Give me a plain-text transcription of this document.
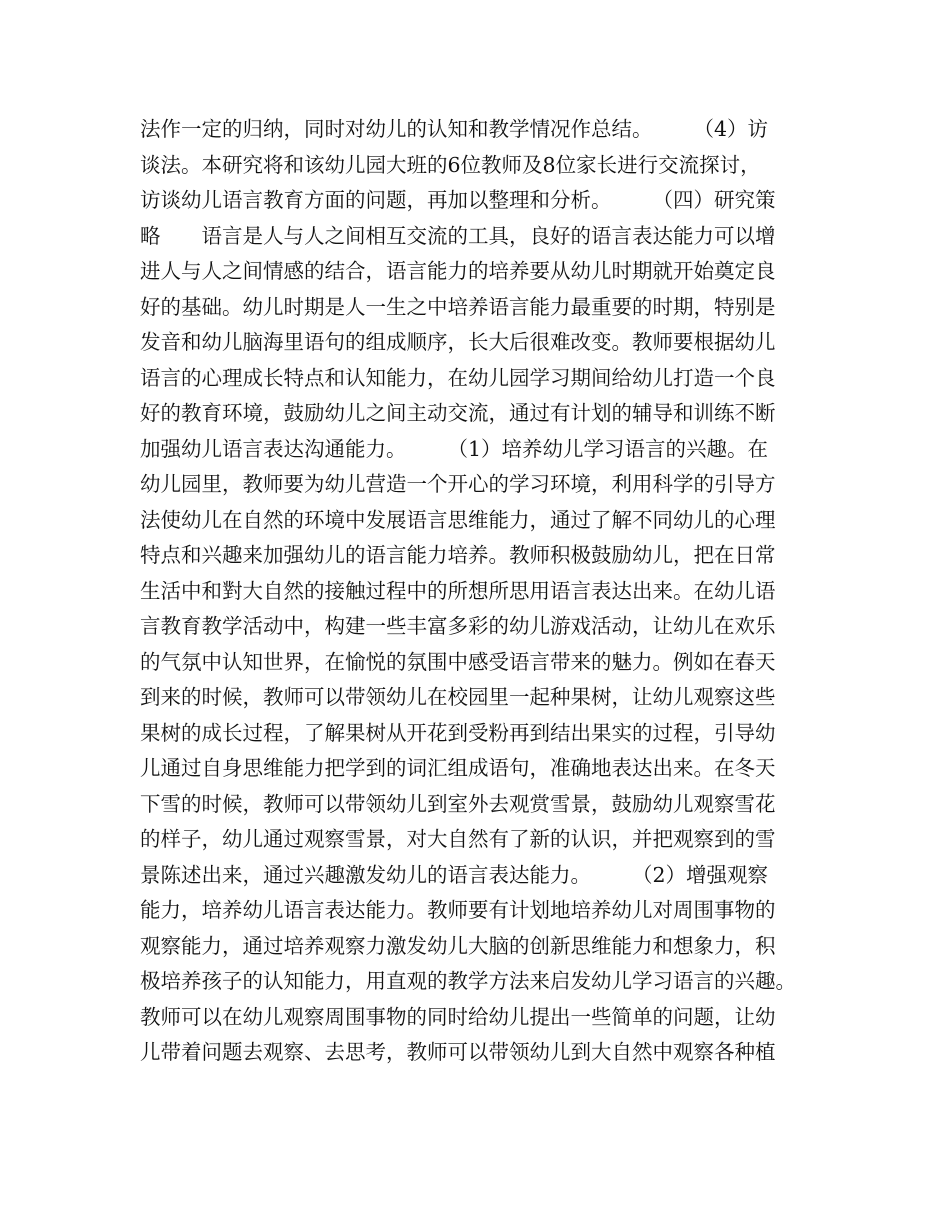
法作一定的归纳，同时对幼儿的认知和教学情况作总结。　　　（4）访
谈法。本研究将和该幼儿园大班的6位教师及8位家长进行交流探讨，
访谈幼儿语言教育方面的问题，再加以整理和分析。　　　（四）研究策
略　　语言是人与人之间相互交流的工具，良好的语言表达能力可以增
进人与人之间情感的结合，语言能力的培养要从幼儿时期就开始奠定良
好的基础。幼儿时期是人一生之中培养语言能力最重要的时期，特别是
发音和幼儿脑海里语句的组成顺序，长大后很难改变。教师要根据幼儿
语言的心理成长特点和认知能力，在幼儿园学习期间给幼儿打造一个良
好的教育环境，鼓励幼儿之间主动交流，通过有计划的辅导和训练不断
加强幼儿语言表达沟通能力。　　　（1）培养幼儿学习语言的兴趣。在
幼儿园里，教师要为幼儿营造一个开心的学习环境，利用科学的引导方
法使幼儿在自然的环境中发展语言思维能力，通过了解不同幼儿的心理
特点和兴趣来加强幼儿的语言能力培养。教师积极鼓励幼儿，把在日常
生活中和對大自然的接触过程中的所想所思用语言表达出来。在幼儿语
言教育教学活动中，构建一些丰富多彩的幼儿游戏活动，让幼儿在欢乐
的气氛中认知世界，在愉悦的氛围中感受语言带来的魅力。例如在春天
到来的时候，教师可以带领幼儿在校园里一起种果树，让幼儿观察这些
果树的成长过程，了解果树从开花到受粉再到结出果实的过程，引导幼
儿通过自身思维能力把学到的词汇组成语句，准确地表达出来。在冬天
下雪的时候，教师可以带领幼儿到室外去观赏雪景，鼓励幼儿观察雪花
的样子，幼儿通过观察雪景，对大自然有了新的认识，并把观察到的雪
景陈述出来，通过兴趣激发幼儿的语言表达能力。　　　（2）增强观察
能力，培养幼儿语言表达能力。教师要有计划地培养幼儿对周围事物的
观察能力，通过培养观察力激发幼儿大脑的创新思维能力和想象力，积
极培养孩子的认知能力，用直观的教学方法来启发幼儿学习语言的兴趣。
教师可以在幼儿观察周围事物的同时给幼儿提出一些简单的问题，让幼
儿带着问题去观察、去思考，教师可以带领幼儿到大自然中观察各种植
